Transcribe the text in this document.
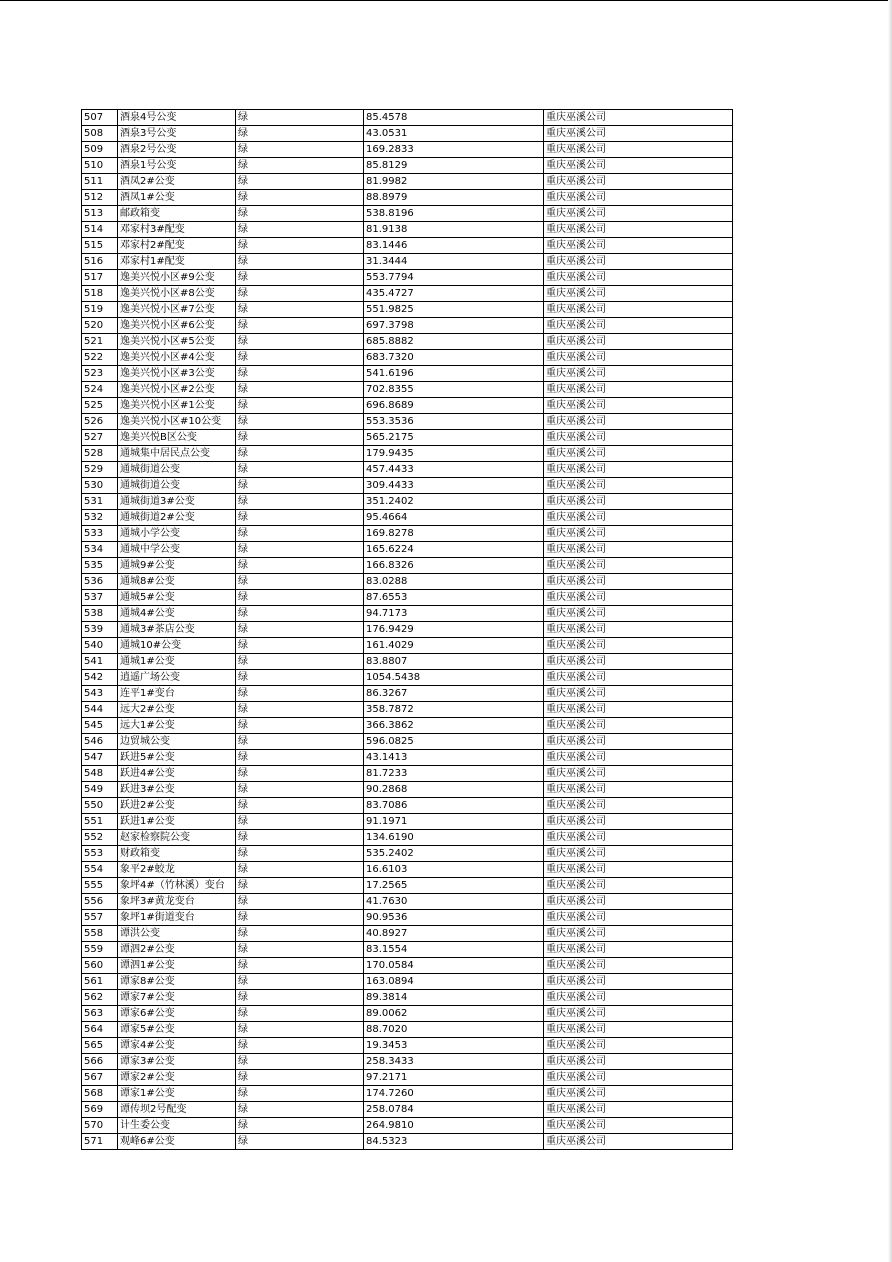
507	酒泉4号公变	绿	85.4578	重庆巫溪公司
508	酒泉3号公变	绿	43.0531	重庆巫溪公司
509	酒泉2号公变	绿	169.2833	重庆巫溪公司
510	酒泉1号公变	绿	85.8129	重庆巫溪公司
511	酒凤2#公变	绿	81.9982	重庆巫溪公司
512	酒凤1#公变	绿	88.8979	重庆巫溪公司
513	邮政箱变	绿	538.8196	重庆巫溪公司
514	邓家村3#配变	绿	81.9138	重庆巫溪公司
515	邓家村2#配变	绿	83.1446	重庆巫溪公司
516	邓家村1#配变	绿	31.3444	重庆巫溪公司
517	逸美兴悦小区#9公变	绿	553.7794	重庆巫溪公司
518	逸美兴悦小区#8公变	绿	435.4727	重庆巫溪公司
519	逸美兴悦小区#7公变	绿	551.9825	重庆巫溪公司
520	逸美兴悦小区#6公变	绿	697.3798	重庆巫溪公司
521	逸美兴悦小区#5公变	绿	685.8882	重庆巫溪公司
522	逸美兴悦小区#4公变	绿	683.7320	重庆巫溪公司
523	逸美兴悦小区#3公变	绿	541.6196	重庆巫溪公司
524	逸美兴悦小区#2公变	绿	702.8355	重庆巫溪公司
525	逸美兴悦小区#1公变	绿	696.8689	重庆巫溪公司
526	逸美兴悦小区#10公变	绿	553.3536	重庆巫溪公司
527	逸美兴悦B区公变	绿	565.2175	重庆巫溪公司
528	通城集中居民点公变	绿	179.9435	重庆巫溪公司
529	通城街道公变	绿	457.4433	重庆巫溪公司
530	通城街道公变	绿	309.4433	重庆巫溪公司
531	通城街道3#公变	绿	351.2402	重庆巫溪公司
532	通城街道2#公变	绿	95.4664	重庆巫溪公司
533	通城小学公变	绿	169.8278	重庆巫溪公司
534	通城中学公变	绿	165.6224	重庆巫溪公司
535	通城9#公变	绿	166.8326	重庆巫溪公司
536	通城8#公变	绿	83.0288	重庆巫溪公司
537	通城5#公变	绿	87.6553	重庆巫溪公司
538	通城4#公变	绿	94.7173	重庆巫溪公司
539	通城3#茶店公变	绿	176.9429	重庆巫溪公司
540	通城10#公变	绿	161.4029	重庆巫溪公司
541	通城1#公变	绿	83.8807	重庆巫溪公司
542	逍遥广场公变	绿	1054.5438	重庆巫溪公司
543	连平1#变台	绿	86.3267	重庆巫溪公司
544	远大2#公变	绿	358.7872	重庆巫溪公司
545	远大1#公变	绿	366.3862	重庆巫溪公司
546	边贸城公变	绿	596.0825	重庆巫溪公司
547	跃进5#公变	绿	43.1413	重庆巫溪公司
548	跃进4#公变	绿	81.7233	重庆巫溪公司
549	跃进3#公变	绿	90.2868	重庆巫溪公司
550	跃进2#公变	绿	83.7086	重庆巫溪公司
551	跃进1#公变	绿	91.1971	重庆巫溪公司
552	赵家检察院公变	绿	134.6190	重庆巫溪公司
553	财政箱变	绿	535.2402	重庆巫溪公司
554	象平2#蛟龙	绿	16.6103	重庆巫溪公司
555	象坪4#（竹林溪）变台	绿	17.2565	重庆巫溪公司
556	象坪3#黄龙变台	绿	41.7630	重庆巫溪公司
557	象坪1#街道变台	绿	90.9536	重庆巫溪公司
558	谭洪公变	绿	40.8927	重庆巫溪公司
559	谭泗2#公变	绿	83.1554	重庆巫溪公司
560	谭泗1#公变	绿	170.0584	重庆巫溪公司
561	谭家8#公变	绿	163.0894	重庆巫溪公司
562	谭家7#公变	绿	89.3814	重庆巫溪公司
563	谭家6#公变	绿	89.0062	重庆巫溪公司
564	谭家5#公变	绿	88.7020	重庆巫溪公司
565	谭家4#公变	绿	19.3453	重庆巫溪公司
566	谭家3#公变	绿	258.3433	重庆巫溪公司
567	谭家2#公变	绿	97.2171	重庆巫溪公司
568	谭家1#公变	绿	174.7260	重庆巫溪公司
569	谭传坝2号配变	绿	258.0784	重庆巫溪公司
570	计生委公变	绿	264.9810	重庆巫溪公司
571	观峰6#公变	绿	84.5323	重庆巫溪公司
